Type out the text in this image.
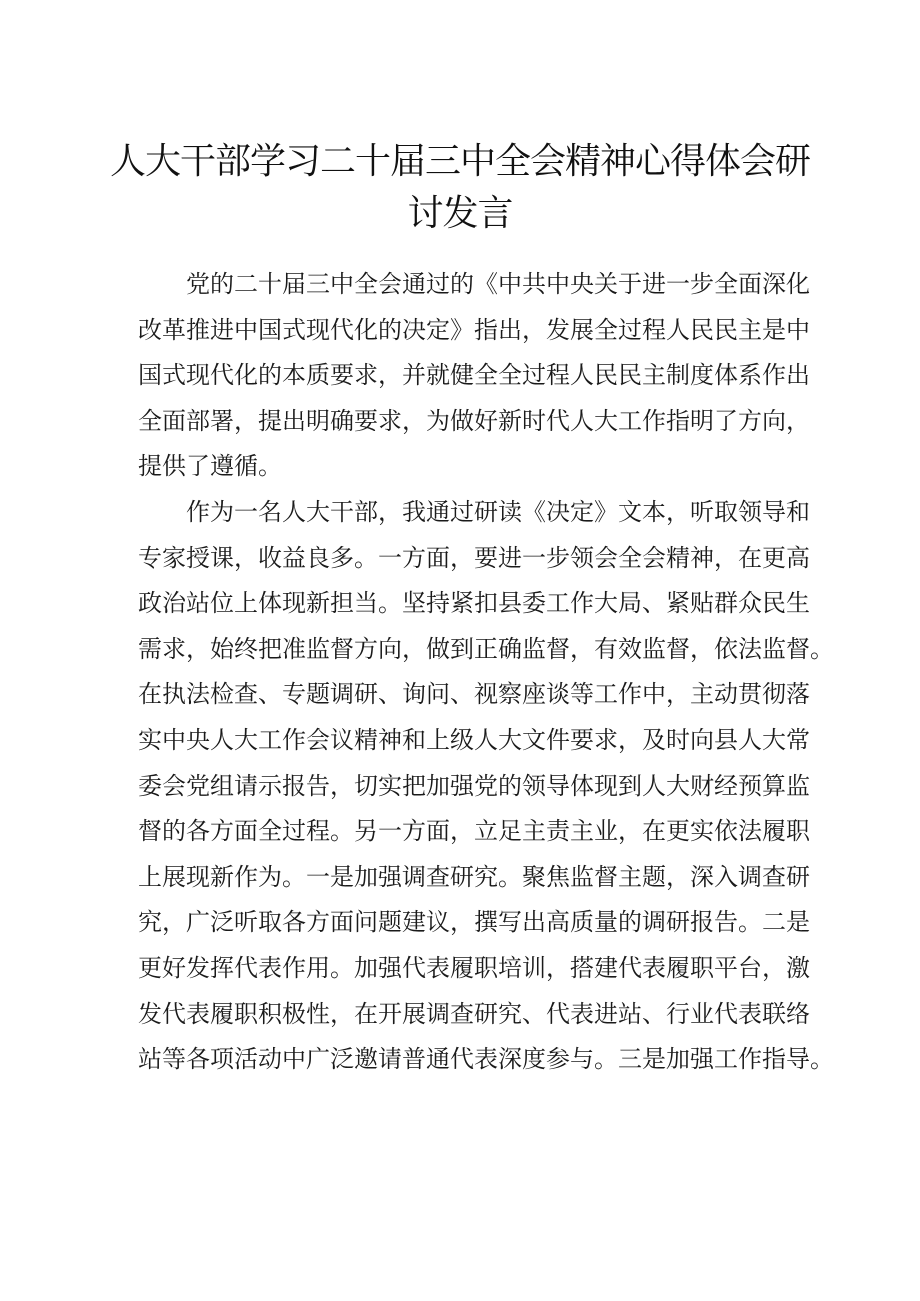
人大干部学习二十届三中全会精神心得体会研
讨发言
党的二十届三中全会通过的《中共中央关于进一步全面深化
改革推进中国式现代化的决定》指出，发展全过程人民民主是中
国式现代化的本质要求，并就健全全过程人民民主制度体系作出
全面部署，提出明确要求，为做好新时代人大工作指明了方向，
提供了遵循。
作为一名人大干部，我通过研读《决定》文本，听取领导和
专家授课，收益良多。一方面，要进一步领会全会精神，在更高
政治站位上体现新担当。坚持紧扣县委工作大局、紧贴群众民生
需求，始终把准监督方向，做到正确监督，有效监督，依法监督。
在执法检查、专题调研、询问、视察座谈等工作中，主动贯彻落
实中央人大工作会议精神和上级人大文件要求，及时向县人大常
委会党组请示报告，切实把加强党的领导体现到人大财经预算监
督的各方面全过程。另一方面，立足主责主业，在更实依法履职
上展现新作为。一是加强调查研究。聚焦监督主题，深入调查研
究，广泛听取各方面问题建议，撰写出高质量的调研报告。二是
更好发挥代表作用。加强代表履职培训，搭建代表履职平台，激
发代表履职积极性，在开展调查研究、代表进站、行业代表联络
站等各项活动中广泛邀请普通代表深度参与。三是加强工作指导。
